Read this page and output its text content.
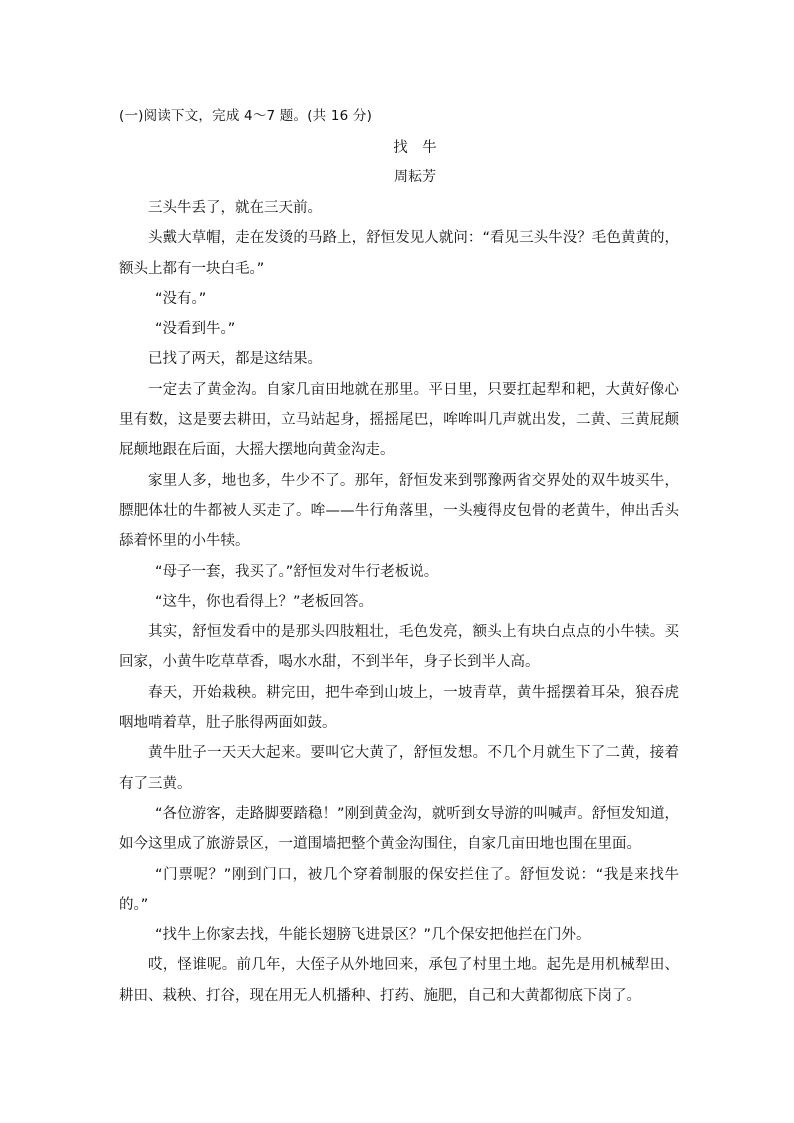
(一)阅读下文，完成 4～7 题。(共 16 分)
找　牛
周耘芳

三头牛丢了，就在三天前。

头戴大草帽，走在发烫的马路上，舒恒发见人就问：“看见三头牛没？毛色黄黄的，额头上都有一块白毛。”

“没有。”

“没看到牛。”

已找了两天，都是这结果。

一定去了黄金沟。自家几亩田地就在那里。平日里，只要扛起犁和耙，大黄好像心里有数，这是要去耕田，立马站起身，摇摇尾巴，哞哞叫几声就出发，二黄、三黄屁颠屁颠地跟在后面，大摇大摆地向黄金沟走。

家里人多，地也多，牛少不了。那年，舒恒发来到鄂豫两省交界处的双牛坡买牛，膘肥体壮的牛都被人买走了。哞——牛行角落里，一头瘦得皮包骨的老黄牛，伸出舌头舔着怀里的小牛犊。

“母子一套，我买了。”舒恒发对牛行老板说。

“这牛，你也看得上？”老板回答。

其实，舒恒发看中的是那头四肢粗壮，毛色发亮，额头上有块白点点的小牛犊。买回家，小黄牛吃草草香，喝水水甜，不到半年，身子长到半人高。

春天，开始栽秧。耕完田，把牛牵到山坡上，一坡青草，黄牛摇摆着耳朵，狼吞虎咽地啃着草，肚子胀得两面如鼓。

黄牛肚子一天天大起来。要叫它大黄了，舒恒发想。不几个月就生下了二黄，接着有了三黄。

“各位游客，走路脚要踏稳！”刚到黄金沟，就听到女导游的叫喊声。舒恒发知道，如今这里成了旅游景区，一道围墙把整个黄金沟围住，自家几亩田地也围在里面。

“门票呢？”刚到门口，被几个穿着制服的保安拦住了。舒恒发说：“我是来找牛的。”

“找牛上你家去找，牛能长翅膀飞进景区？”几个保安把他拦在门外。

哎，怪谁呢。前几年，大侄子从外地回来，承包了村里土地。起先是用机械犁田、耕田、栽秧、打谷，现在用无人机播种、打药、施肥，自己和大黄都彻底下岗了。
